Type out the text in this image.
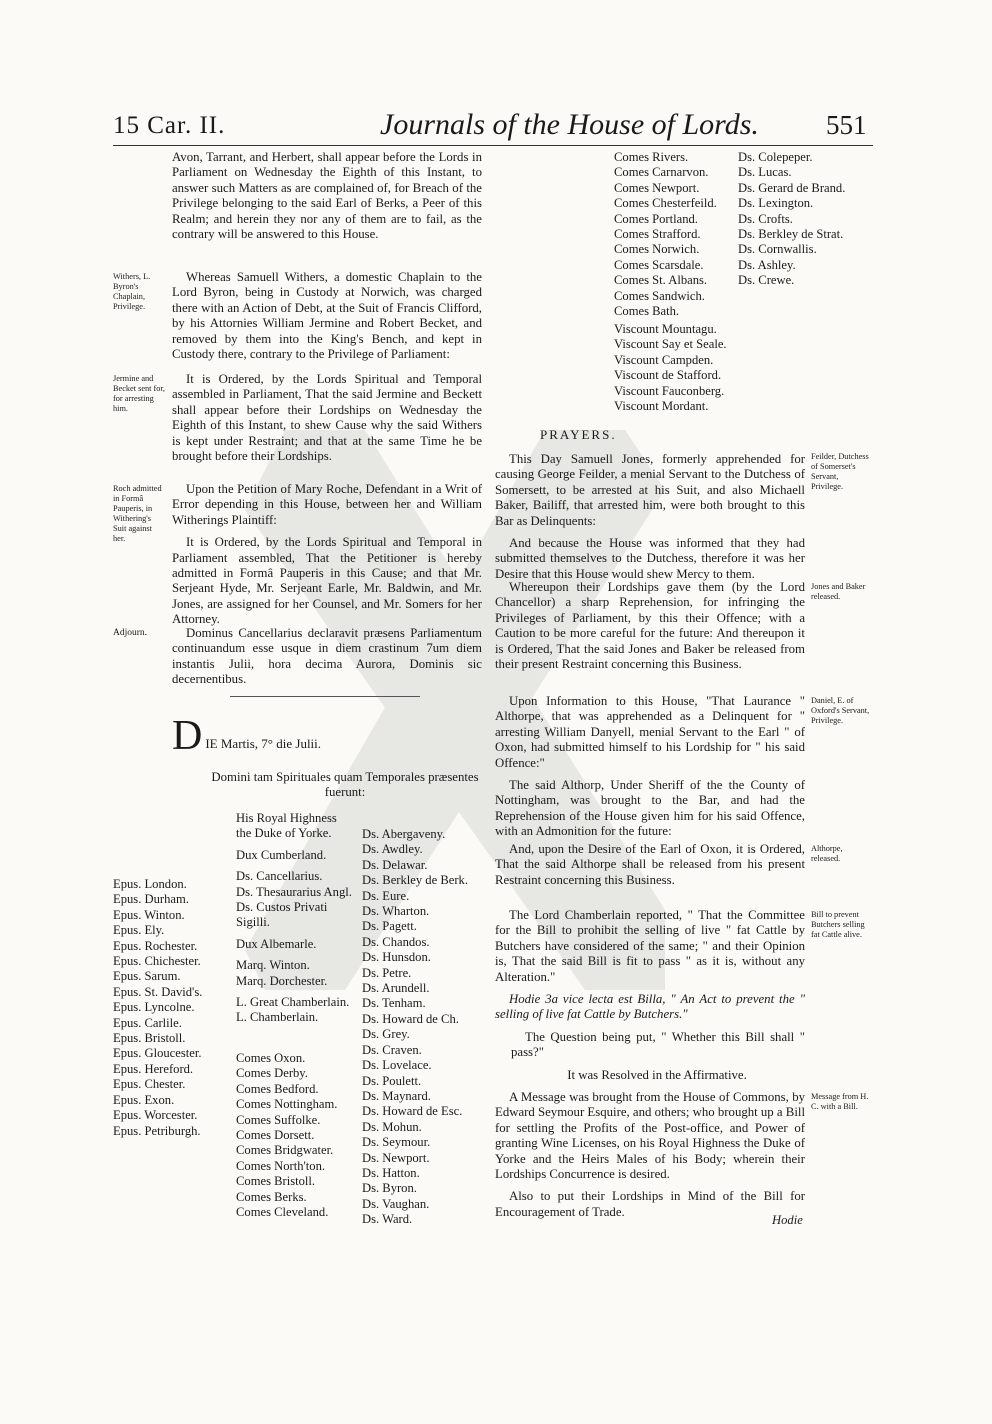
15 Car. II.	Journals of the House of Lords. 551

Avon, Tarrant, and Herbert, shall appear before the Lords in Parliament on Wednesday the Eighth of this Instant, to answer such Matters as are complained of, for Breach of the Privilege belonging to the said Earl of Berks, a Peer of this Realm; and herein they nor any of them are to fail, as the contrary will be answered to this House.

Withers, L. Byron's Chaplain, Privilege.

Whereas Samuell Withers, a domestic Chaplain to the Lord Byron, being in Custody at Norwich, was charged there with an Action of Debt, at the Suit of Francis Clifford, by his Attornies William Jermine and Robert Becket, and removed by them into the King's Bench, and kept in Custody there, contrary to the Privilege of Parliament:

Jermine and Becket sent for, for arresting him.

It is Ordered, by the Lords Spiritual and Temporal assembled in Parliament, That the said Jermine and Beckett shall appear before their Lordships on Wednesday the Eighth of this Instant, to shew Cause why the said Withers is kept under Restraint; and that at the same Time he be brought before their Lordships.

Roch admitted in Formâ Pauperis, in Withering's Suit against her.

Upon the Petition of Mary Roche, Defendant in a Writ of Error depending in this House, between her and William Witherings Plaintiff:

It is Ordered, by the Lords Spiritual and Temporal in Parliament assembled, That the Petitioner is hereby admitted in Formâ Pauperis in this Cause; and that Mr. Serjeant Hyde, Mr. Serjeant Earle, Mr. Baldwin, and Mr. Jones, are assigned for her Counsel, and Mr. Somers for her Attorney.

Adjourn.	Dominus Cancellarius declaravit præsens Parliamentum continuandum esse usque in diem crastinum 7um diem instantis Julii, hora decima Aurora, Dominis sic decernentibus.

D IE Martis, 7° die Julii.
Domini tam Spirituales quam Temporales præsentes fuerunt:
Epus. London.
Epus. Durham.
Epus. Winton.
Epus. Ely.
Epus. Rochester.
Epus. Chichester.
Epus. Sarum.
Epus. St. David's.
Epus. Lyncolne.
Epus. Carlile.
Epus. Bristoll.
Epus. Gloucester.
Epus. Hereford.
Epus. Chester.
Epus. Exon.
Epus. Worcester.
Epus. Petriburgh.
His Royal Highness
the Duke of Yorke.
Dux Cumberland.
Ds. Cancellarius.
Ds. Thesaurarius Angl.
Ds. Custos Privati Sigilli.
Dux Albemarle.
Marq. Winton.
Marq. Dorchester.
L. Great Chamberlain.
L. Chamberlain.
Comes Oxon.
Comes Derby.
Comes Bedford.
Comes Nottingham.
Comes Suffolke.
Comes Dorsett.
Comes Bridgwater.
Comes North'ton.
Comes Bristoll.
Comes Berks.
Comes Cleveland.
Ds. Abergaveny.
Ds. Awdley.
Ds. Delawar.
Ds. Berkley de Berk.
Ds. Eure.
Ds. Wharton.
Ds. Pagett.
Ds. Chandos.
Ds. Hunsdon.
Ds. Petre.
Ds. Arundell.
Ds. Tenham.
Ds. Howard de Ch.
Ds. Grey.
Ds. Craven.
Ds. Lovelace.
Ds. Poulett.
Ds. Maynard.
Ds. Howard de Esc.
Ds. Mohun.
Ds. Seymour.
Ds. Newport.
Ds. Hatton.
Ds. Byron.
Ds. Vaughan.
Ds. Ward.
Comes Rivers.
Comes Carnarvon.
Comes Newport.
Comes Chesterfeild.
Comes Portland.
Comes Strafford.
Comes Norwich.
Comes Scarsdale.
Comes St. Albans.
Comes Sandwich.
Comes Bath.
Viscount Mountagu.
Viscount Say et Seale.
Viscount Campden.
Viscount de Stafford.
Viscount Fauconberg.
Viscount Mordant.
Ds. Colepeper.
Ds. Lucas.
Ds. Gerard de Brand.
Ds. Lexington.
Ds. Crofts.
Ds. Berkley de Strat.
Ds. Cornwallis.
Ds. Ashley.
Ds. Crewe.
PRAYERS.

This Day Samuell Jones, formerly apprehended for causing George Feilder, a menial Servant to the Dutchess of Somersett, to be arrested at his Suit, and also Michaell Baker, Bailiff, that arrested him, were both brought to this Bar as Delinquents:

And because the House was informed that they had submitted themselves to the Dutchess, therefore it was her Desire that this House would shew Mercy to them.

Feilder, Dutchess of Somerset's Servant, Privilege.

Whereupon their Lordships gave them (by the Lord Chancellor) a sharp Reprehension, for infringing the Privileges of Parliament, by this their Offence; with a Caution to be more careful for the future: And thereupon it is Ordered, That the said Jones and Baker be released from their present Restraint concerning this Business.

Jones and Baker released.

Upon Information to this House, "That Laurance " Althorpe, that was apprehended as a Delinquent for " arresting William Danyell, menial Servant to the Earl " of Oxon, had submitted himself to his Lordship for " his said Offence:"

The said Althorp, Under Sheriff of the the County of Nottingham, was brought to the Bar, and had the Reprehension of the House given him for his said Offence, with an Admonition for the future:

Daniel, E. of Oxford's Servant, Privilege.

And, upon the Desire of the Earl of Oxon, it is Ordered, That the said Althorpe shall be released from his present Restraint concerning this Business.

Althorpe, released.

The Lord Chamberlain reported, " That the Committee for the Bill to prohibit the selling of live " fat Cattle by Butchers have considered of the same; " and their Opinion is, That the said Bill is fit to pass " as it is, without any Alteration."

Hodie 3a vice lecta est Billa, " An Act to prevent the " selling of live fat Cattle by Butchers."

The Question being put, " Whether this Bill shall " pass?"

It was Resolved in the Affirmative.

Bill to prevent Butchers selling fat Cattle alive.

A Message was brought from the House of Commons, by Edward Seymour Esquire, and others; who brought up a Bill for settling the Profits of the Post-office, and Power of granting Wine Licenses, on his Royal Highness the Duke of Yorke and the Heirs Males of his Body; wherein their Lordships Concurrence is desired.

Also to put their Lordships in Mind of the Bill for Encouragement of Trade.

Message from H. C. with a Bill.
Hodie
